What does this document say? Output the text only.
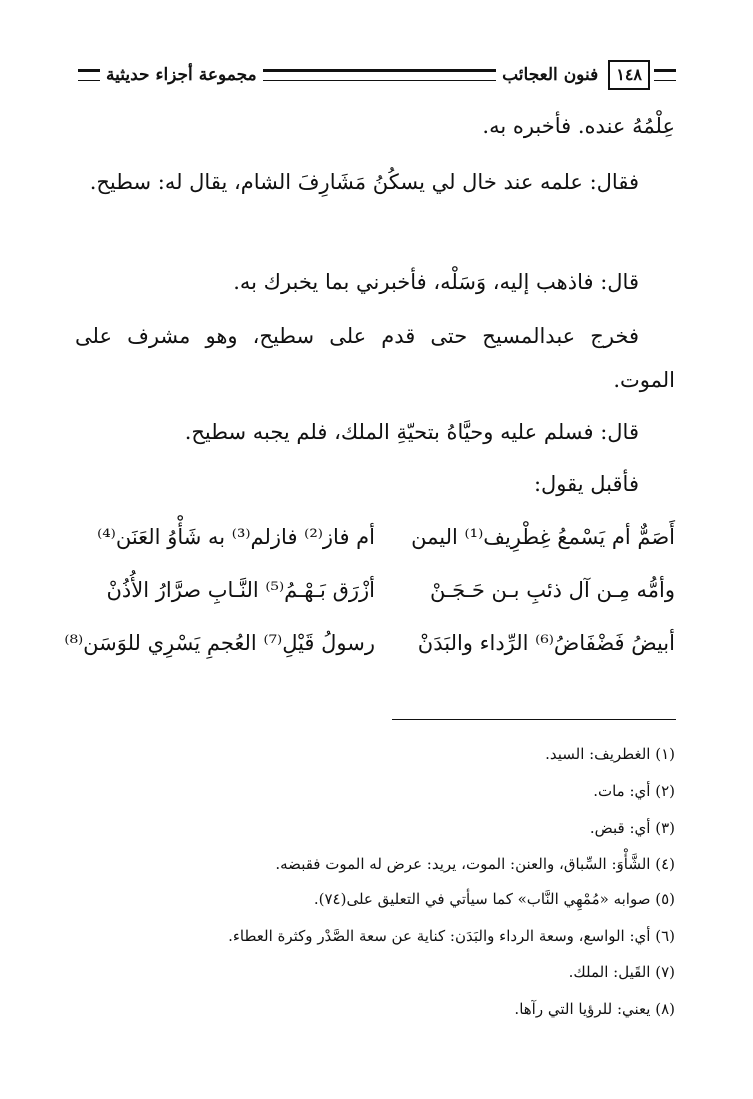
١٤٨
فنون العجائب
مجموعة أجزاء حديثية
عِلْمُهُ عنده. فأخبره به.
فقال: علمه عند خال لي يسكُنُ مَشَارِفَ الشام، يقال له: سطيح.
قال: فاذهب إليه، وَسَلْه، فأخبرني بما يخبرك به.
فخرج عبدالمسيح حتى قدم على سطيح، وهو مشرف على الموت.
قال: فسلم عليه وحيَّاهُ بتحيّةِ الملك، فلم يجبه سطيح.
فأقبل يقول:
أَصَمٌّ أم يَسْمعُ غِطْرِيف⁽¹⁾ اليمن
أم فاز⁽²⁾ فازلم⁽³⁾ به شَأْوُ العَنَن⁽⁴⁾
وأمُّه مِـن آل ذئبِ بـن حَـجَـنْ
أزْرَق بَـهْـمُ⁽⁵⁾ النَّـابِ صرَّارُ الأُذُنْ
أبيضُ فَضْفَاضُ⁽⁶⁾ الرِّداء والبَدَنْ
رسولُ قَيْلِ⁽⁷⁾ العُجمِ يَسْرِي للوَسَن⁽⁸⁾
(١) الغطريف: السيد.
(٢) أي: مات.
(٣) أي: قبض.
(٤) الشَّأْوَ: السِّباق، والعنن: الموت، يريد: عرض له الموت فقبضه.
(٥) صوابه «مُمْهِي النَّاب» كما سيأتي في التعليق على(٧٤).
(٦) أي: الواسع، وسعة الرداء والبَدَن: كناية عن سعة الصَّدْر وكثرة العطاء.
(٧) القَيل: الملك.
(٨) يعني: للرؤيا التي رآها.
